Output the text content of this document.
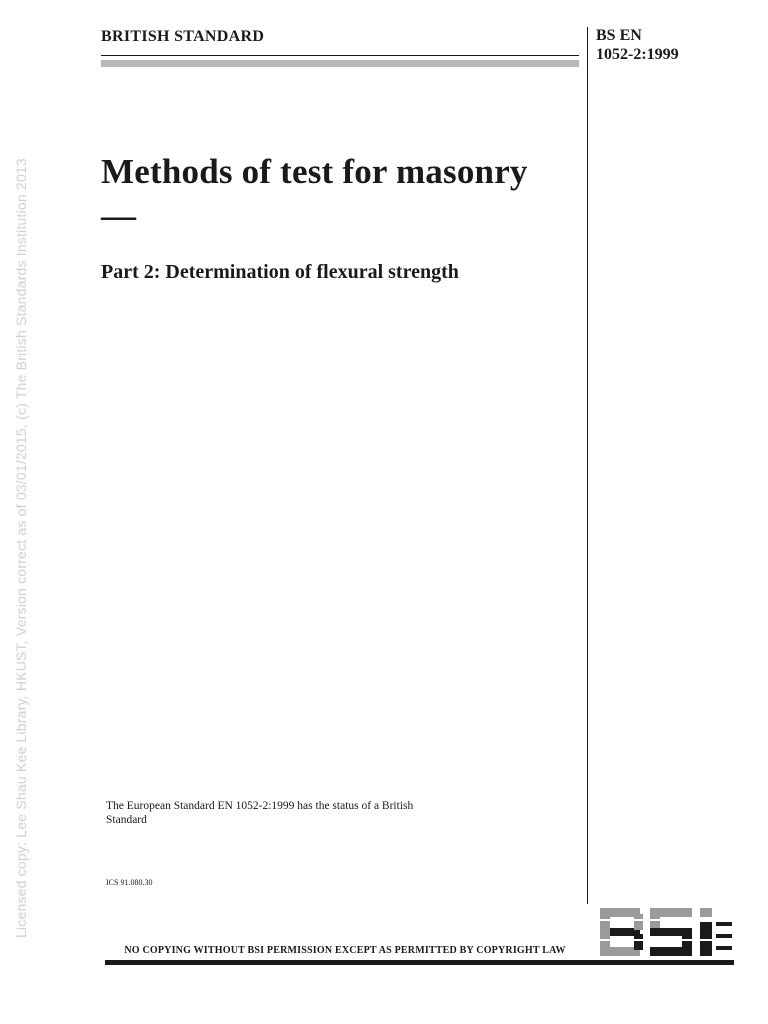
BRITISH STANDARD	BS EN
1052-2:1999
Methods of test for masonry —
Part 2: Determination of flexural strength
The European Standard EN 1052-2:1999 has the status of a British Standard
ICS 91.080.30
Licensed copy: Lee Shau Kee Library, HKUST, Version correct as of 03/01/2015, (c) The British Standards Institution 2013
NO COPYING WITHOUT BSI PERMISSION EXCEPT AS PERMITTED BY COPYRIGHT LAW
